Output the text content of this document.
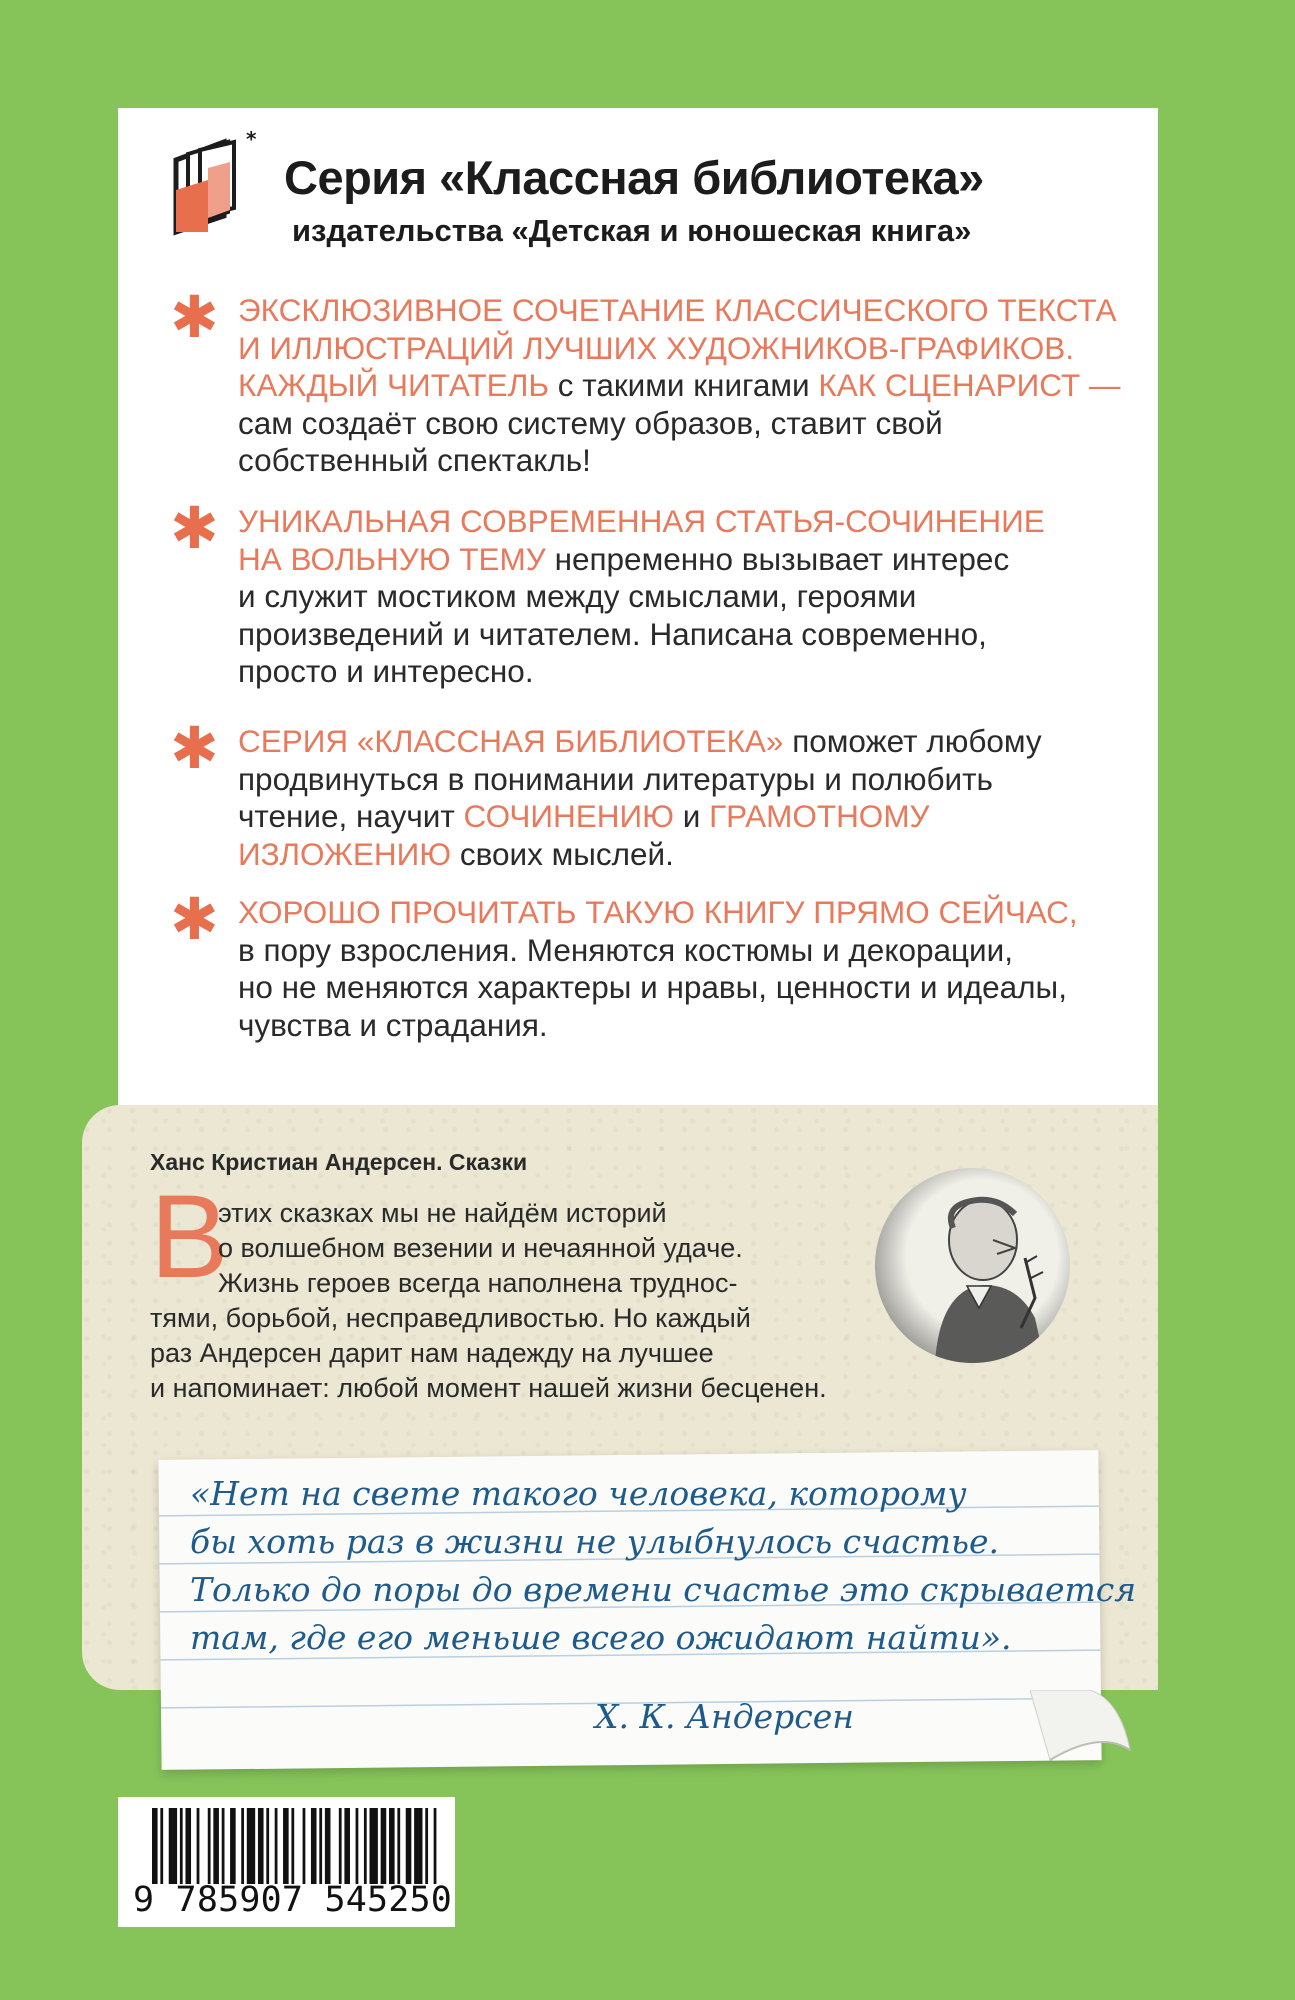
*
Серия «Классная библиотека»
издательства «Детская и юношеская книга»
✱ ЭКСКЛЮЗИВНОЕ СОЧЕТАНИЕ КЛАССИЧЕСКОГО ТЕКСТА
И ИЛЛЮСТРАЦИЙ ЛУЧШИХ ХУДОЖНИКОВ-ГРАФИКОВ.
КАЖДЫЙ ЧИТАТЕЛЬ с такими книгами КАК СЦЕНАРИСТ —
сам создаёт свою систему образов, ставит свой
собственный спектакль!
✱ УНИКАЛЬНАЯ СОВРЕМЕННАЯ СТАТЬЯ-СОЧИНЕНИЕ
НА ВОЛЬНУЮ ТЕМУ непременно вызывает интерес
и служит мостиком между смыслами, героями
произведений и читателем. Написана современно,
просто и интересно.
✱ СЕРИЯ «КЛАССНАЯ БИБЛИОТЕКА» поможет любому
продвинуться в понимании литературы и полюбить
чтение, научит СОЧИНЕНИЮ и ГРАМОТНОМУ
ИЗЛОЖЕНИЮ своих мыслей.
✱ ХОРОШО ПРОЧИТАТЬ ТАКУЮ КНИГУ ПРЯМО СЕЙЧАС,
в пору взросления. Меняются костюмы и декорации,
но не меняются характеры и нравы, ценности и идеалы,
чувства и страдания.
Ханс Кристиан Андерсен. Сказки
В
этих сказках мы не найдём историй
о волшебном везении и нечаянной удаче.
Жизнь героев всегда наполнена труднос-
тями, борьбой, несправедливостью. Но каждый
раз Андерсен дарит нам надежду на лучшее
и напоминает: любой момент нашей жизни бесценен.
«Нет на свете такого человека, которому
бы хоть раз в жизни не улыбнулось счастье.
Только до поры до времени счастье это скрывается
там, где его меньше всего ожидают найти».
Х. К. Андерсен
9 785907 545250
